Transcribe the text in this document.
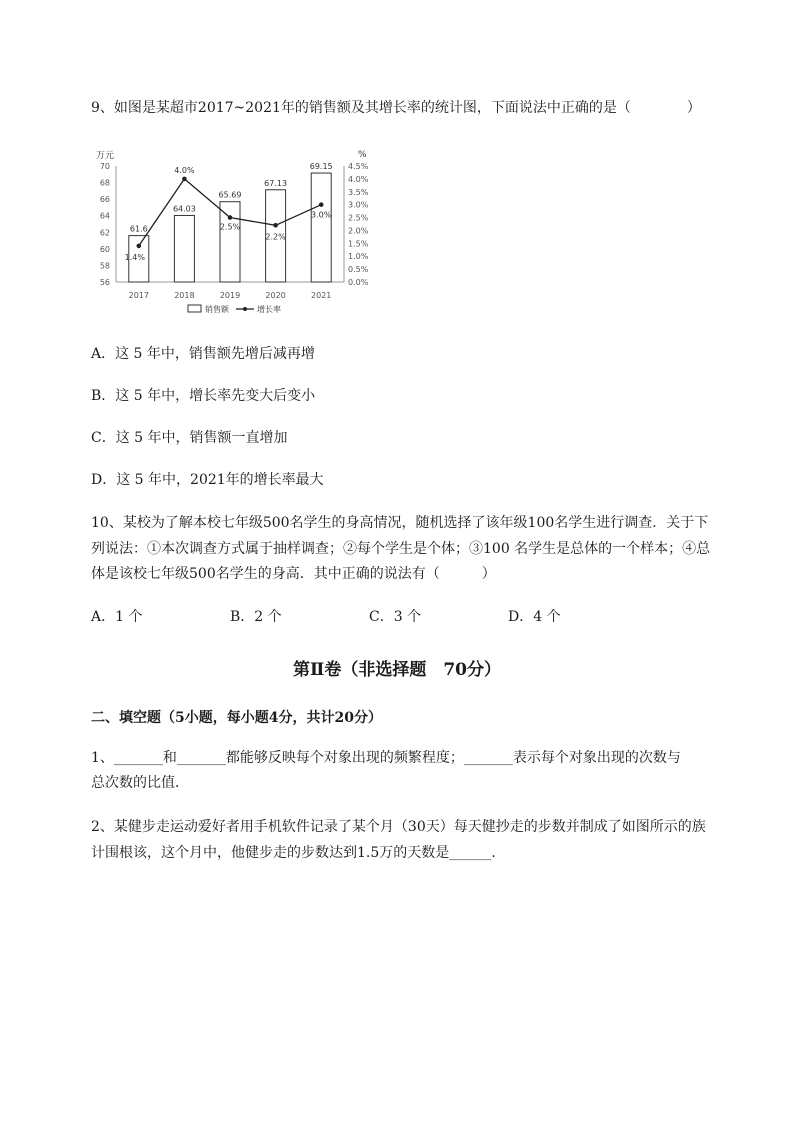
9、如图是某超市2017~2021年的销售额及其增长率的统计图，下面说法中正确的是（　　　　）
万元	%
56
58
60
62
64
66
68
70
0.0%
0.5%
1.0%
1.5%
2.0%
2.5%
3.0%
3.5%
4.0%
4.5%
61.6
64.03
65.69
67.13
69.15
2017	2018	2019	2020	2021
1.4%
4.0%
2.5%
2.2%
3.0%
销售额	增长率
A．这 5 年中，销售额先增后减再增
B．这 5 年中，增长率先变大后变小
C．这 5 年中，销售额一直增加
D．这 5 年中，2021年的增长率最大
10、某校为了解本校七年级500名学生的身高情况，随机选择了该年级100名学生进行调查．关于下
列说法：①本次调查方式属于抽样调查；②每个学生是个体；③100 名学生是总体的一个样本；④总
体是该校七年级500名学生的身高．其中正确的说法有（　　　）
A．1 个	B．2 个	C．3 个	D．4 个
第Ⅱ卷（非选择题　70分）
二、填空题（5小题，每小题4分，共计20分）
1、_______和_______都能够反映每个对象出现的频繁程度；_______表示每个对象出现的次数与
总次数的比值．
2、某健步走运动爱好者用手机软件记录了某个月（30天）每天健抄走的步数并制成了如图所示的族
计围根该，这个月中，他健步走的步数达到1.5万的天数是______.
